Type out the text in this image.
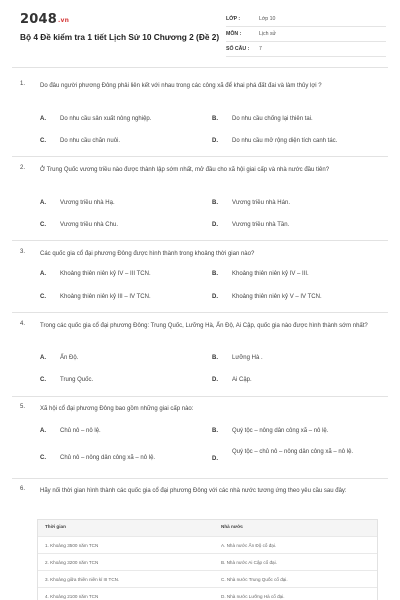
2048.vn
Bộ 4 Đề kiểm tra 1 tiết Lịch Sử 10 Chương 2 (Đề 2)
LỚP :	Lớp 10
MÔN :	Lịch sử
SỐ CÂU : 7
1. Do đâu người phương Đông phải liên kết với nhau trong các công xã để khai phá đất đai và làm thủy lợi ?
A. Do nhu cầu sản xuất nông nghiệp.	B. Do nhu cầu chống lại thiên tai.
C. Do nhu cầu chăn nuôi.	D. Do nhu cầu mở rộng diện tích canh tác.
2. Ở Trung Quốc vương triều nào được thành lập sớm nhất, mở đầu cho xã hội giai cấp và nhà nước đầu tiên?
A. Vương triều nhà Hạ.	B. Vương triều nhà Hán.
C. Vương triều nhà Chu.	D. Vương triều nhà Tần.
3. Các quốc gia cổ đại phương Đông được hình thành trong khoảng thời gian nào?
A. Khoảng thiên niên kỷ IV – III TCN.	B. Khoảng thiên niên kỷ IV – III.
C. Khoảng thiên niên kỷ III – IV TCN.	D. Khoảng thiên niên kỷ V – IV TCN.
4. Trong các quốc gia cổ đại phương Đông: Trung Quốc, Lưỡng Hà, Ấn Độ, Ai Cập, quốc gia nào được hình thành sớm nhất?
A. Ấn Độ.	B. Lưỡng Hà .
C. Trung Quốc.	D. Ai Cập.
5. Xã hội cổ đại phương Đông bao gồm những giai cấp nào:
A. Chủ nô – nô lệ.	B. Quý tộc – nông dân công xã – nô lệ.
C. Chủ nô – nông dân công xã – nô lệ.	D.
Quý tộc – chủ nô – nông dân công xã – nô lệ.
6. Hãy nối thời gian hình thành các quốc gia cổ đại phương Đông với các nhà nước tương ứng theo yêu cầu sau đây:
Thời gian	Nhà nước
1. Khoảng 3500 năm TCN	A. Nhà nước Ấn Độ cổ đại.
2. Khoảng 3200 năm TCN	B. Nhà nước Ai Cập cổ đại.
3. Khoảng giữa thiên niên kỉ III TCN.	C. Nhà nước Trung Quốc cổ đại.
4. Khoảng 2100 năm TCN	D. Nhà nước Lưỡng Hà cổ đại.
